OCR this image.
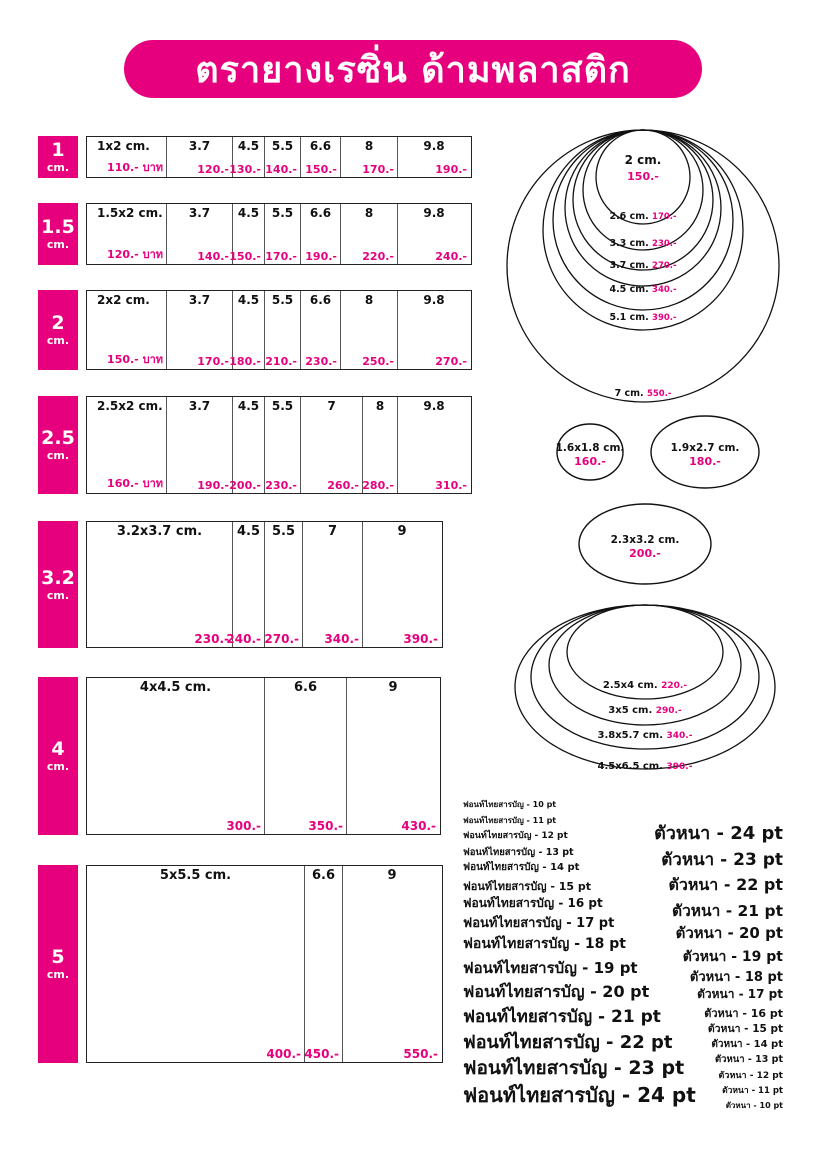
ตรายางเรซิ่น ด้ามพลาสติก
1
cm.
1x2 cm.
110.- บาท
3.7
120.-
4.5
130.-
5.5
140.-
6.6
150.-
8
170.-
9.8
190.-
1.5
cm.
1.5x2 cm.
120.- บาท
3.7
140.-
4.5
150.-
5.5
170.-
6.6
190.-
8
220.-
9.8
240.-
2
cm.
2x2 cm.
150.- บาท
3.7
170.-
4.5
180.-
5.5
210.-
6.6
230.-
8
250.-
9.8
270.-
2.5
cm.
2.5x2 cm.
160.- บาท
3.7
190.-
4.5
200.-
5.5
230.-
7
260.-
8
280.-
9.8
310.-
3.2
cm.
3.2x3.7 cm.
230.-
4.5
240.-
5.5
270.-
7
340.-
9
390.-
4
cm.
4x4.5 cm.
300.-
6.6
350.-
9
430.-
5
cm.
5x5.5 cm.
400.-
6.6
450.-
9
550.-
2 cm.
150.-
2.6 cm. 170.-
3.3 cm. 230.-
3.7 cm. 270.-
4.5 cm. 340.-
5.1 cm. 390.-
7 cm. 550.-
1.6x1.8 cm.
160.-
1.9x2.7 cm.
180.-
2.3x3.2 cm.
200.-
2.5x4 cm. 220.-
3x5 cm. 290.-
3.8x5.7 cm. 340.-
4.5x6.5 cm. 390.-
ฟอนท์ไทยสารบัญ - 10 pt
ฟอนท์ไทยสารบัญ - 11 pt
ฟอนท์ไทยสารบัญ - 12 pt
ฟอนท์ไทยสารบัญ - 13 pt
ฟอนท์ไทยสารบัญ - 14 pt
ฟอนท์ไทยสารบัญ - 15 pt
ฟอนท์ไทยสารบัญ - 16 pt
ฟอนท์ไทยสารบัญ - 17 pt
ฟอนท์ไทยสารบัญ - 18 pt
ฟอนท์ไทยสารบัญ - 19 pt
ฟอนท์ไทยสารบัญ - 20 pt
ฟอนท์ไทยสารบัญ - 21 pt
ฟอนท์ไทยสารบัญ - 22 pt
ฟอนท์ไทยสารบัญ - 23 pt
ฟอนท์ไทยสารบัญ - 24 pt
ตัวหนา - 24 pt
ตัวหนา - 23 pt
ตัวหนา - 22 pt
ตัวหนา - 21 pt
ตัวหนา - 20 pt
ตัวหนา - 19 pt
ตัวหนา - 18 pt
ตัวหนา - 17 pt
ตัวหนา - 16 pt
ตัวหนา - 15 pt
ตัวหนา - 14 pt
ตัวหนา - 13 pt
ตัวหนา - 12 pt
ตัวหนา - 11 pt
ตัวหนา - 10 pt
